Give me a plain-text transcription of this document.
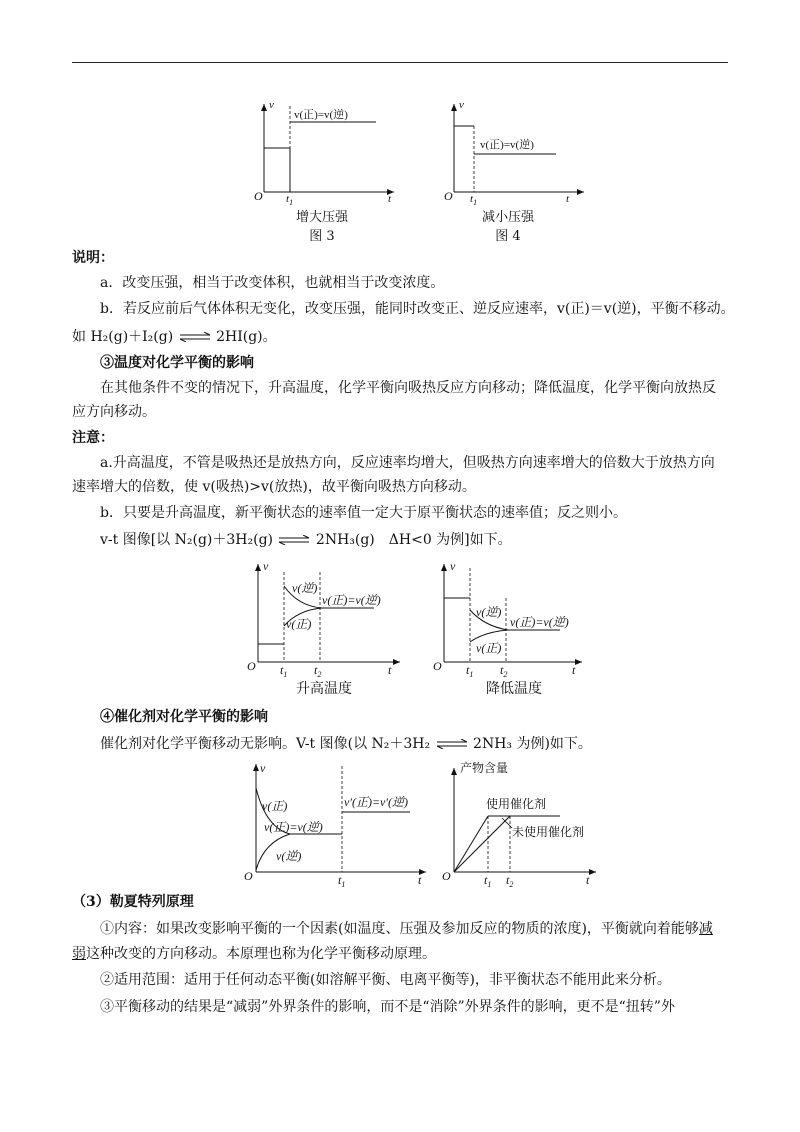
v
t
O $t_1$
v(正)=v(逆)
增大压强
图 3
v
t
O $t_1$
v(正)=v(逆)
减小压强
图 4
说明：
a．改变压强，相当于改变体积，也就相当于改变浓度。
b．若反应前后气体体积无变化，改变压强，能同时改变正、逆反应速率，v(正)＝v(逆)，平衡不移动。
如 H₂(g)＋I₂(g) ⇌ 2HI(g)。
③温度对化学平衡的影响
在其他条件不变的情况下，升高温度，化学平衡向吸热反应方向移动；降低温度，化学平衡向放热反
应方向移动。
注意：
a.升高温度，不管是吸热还是放热方向，反应速率均增大，但吸热方向速率增大的倍数大于放热方向
速率增大的倍数，使 v(吸热)>v(放热)，故平衡向吸热方向移动。
b．只要是升高温度，新平衡状态的速率值一定大于原平衡状态的速率值；反之则小。
v-t 图像[以 N₂(g)＋3H₂(g) ⇌ 2NH₃(g)　ΔH<0 为例]如下。
v
t
O $t_1$ $t_2$
v(逆)
v(正)
v(正)=v(逆)
升高温度
v
t
O $t_1$ $t_2$
v(逆)
v(正)
v(正)=v(逆)
降低温度
④催化剂对化学平衡的影响
催化剂对化学平衡移动无影响。V-t 图像(以 N₂＋3H₂ ⇌ 2NH₃ 为例)如下。
v
t
O	$t_1$
v(正)
v(正)=v(逆)
v(逆)
v′(正)=v′(逆)
产物含量
t
O	$t_1$ $t_2$
使用催化剂
未使用催化剂
（3）勒夏特列原理
①内容：如果改变影响平衡的一个因素(如温度、压强及参加反应的物质的浓度)，平衡就向着能够减
弱这种改变的方向移动。本原理也称为化学平衡移动原理。
②适用范围：适用于任何动态平衡(如溶解平衡、电离平衡等)，非平衡状态不能用此来分析。
③平衡移动的结果是“减弱”外界条件的影响，而不是“消除”外界条件的影响，更不是“扭转”外
